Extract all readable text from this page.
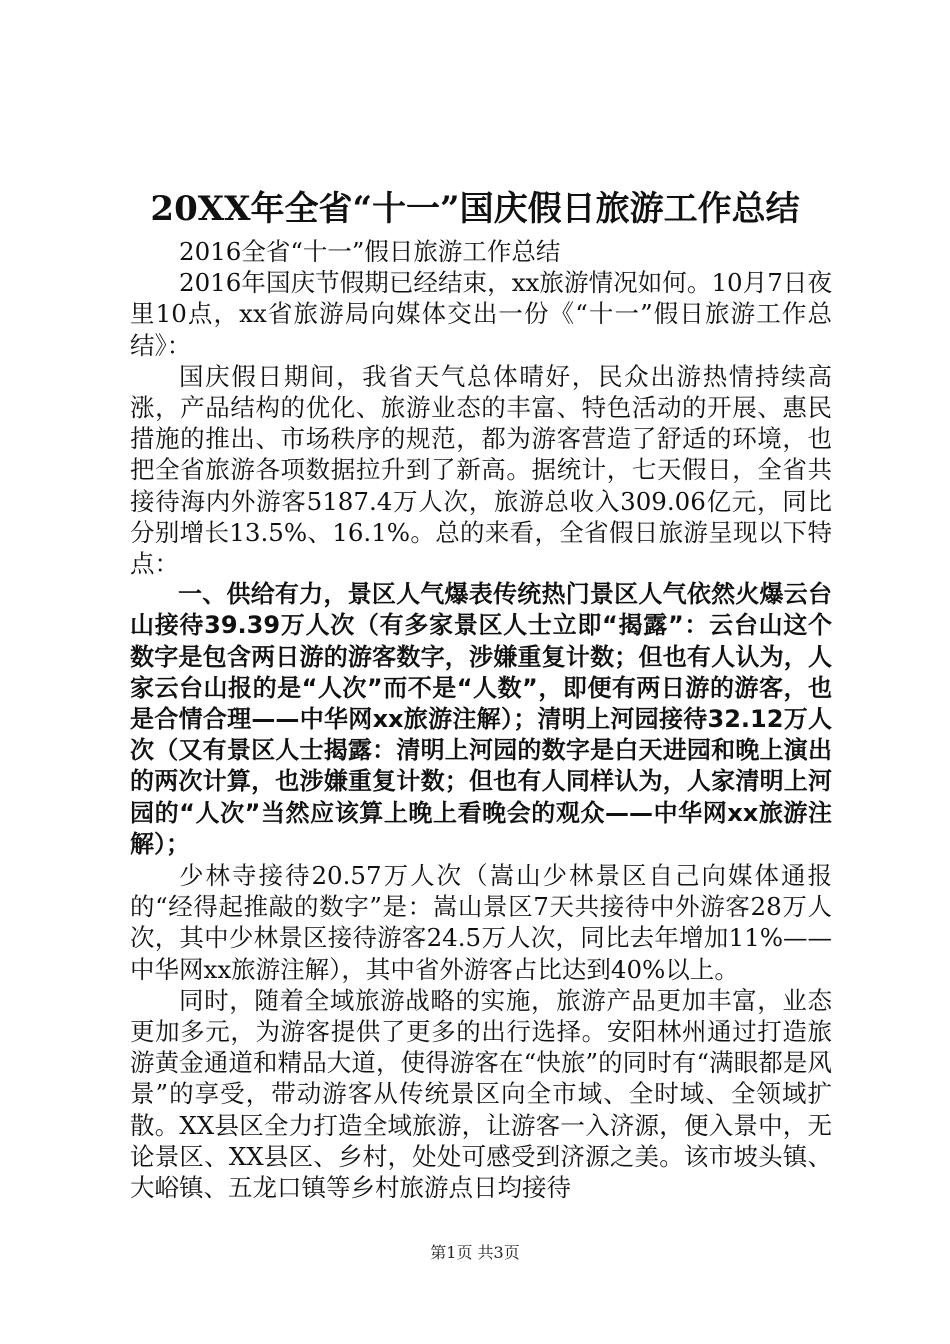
20XX年全省“十一”国庆假日旅游工作总结

2016全省“十一”假日旅游工作总结

2016年国庆节假期已经结束，xx旅游情况如何。10月7日夜里10点，xx省旅游局向媒体交出一份《“十一”假日旅游工作总结》：

国庆假日期间，我省天气总体晴好，民众出游热情持续高涨，产品结构的优化、旅游业态的丰富、特色活动的开展、惠民措施的推出、市场秩序的规范，都为游客营造了舒适的环境，也把全省旅游各项数据拉升到了新高。据统计，七天假日，全省共接待海内外游客5187.4万人次，旅游总收入309.06亿元，同比分别增长13.5%、16.1%。总的来看，全省假日旅游呈现以下特点：

一、供给有力，景区人气爆表传统热门景区人气依然火爆云台山接待39.39万人次（有多家景区人士立即“揭露”：云台山这个数字是包含两日游的游客数字，涉嫌重复计数；但也有人认为，人家云台山报的是“人次”而不是“人数”，即便有两日游的游客，也是合情合理——中华网xx旅游注解）；清明上河园接待32.12万人次（又有景区人士揭露：清明上河园的数字是白天进园和晚上演出的两次计算，也涉嫌重复计数；但也有人同样认为，人家清明上河园的“人次”当然应该算上晚上看晚会的观众——中华网xx旅游注解）；

少林寺接待20.57万人次（嵩山少林景区自己向媒体通报的“经得起推敲的数字”是：嵩山景区7天共接待中外游客28万人次，其中少林景区接待游客24.5万人次，同比去年增加11%——中华网xx旅游注解），其中省外游客占比达到40%以上。

同时，随着全域旅游战略的实施，旅游产品更加丰富，业态更加多元，为游客提供了更多的出行选择。安阳林州通过打造旅游黄金通道和精品大道，使得游客在“快旅”的同时有“满眼都是风景”的享受，带动游客从传统景区向全市域、全时域、全领域扩散。XX县区全力打造全域旅游，让游客一入济源，便入景中，无论景区、XX县区、乡村，处处可感受到济源之美。该市坡头镇、大峪镇、五龙口镇等乡村旅游点日均接待

第1页 共3页
